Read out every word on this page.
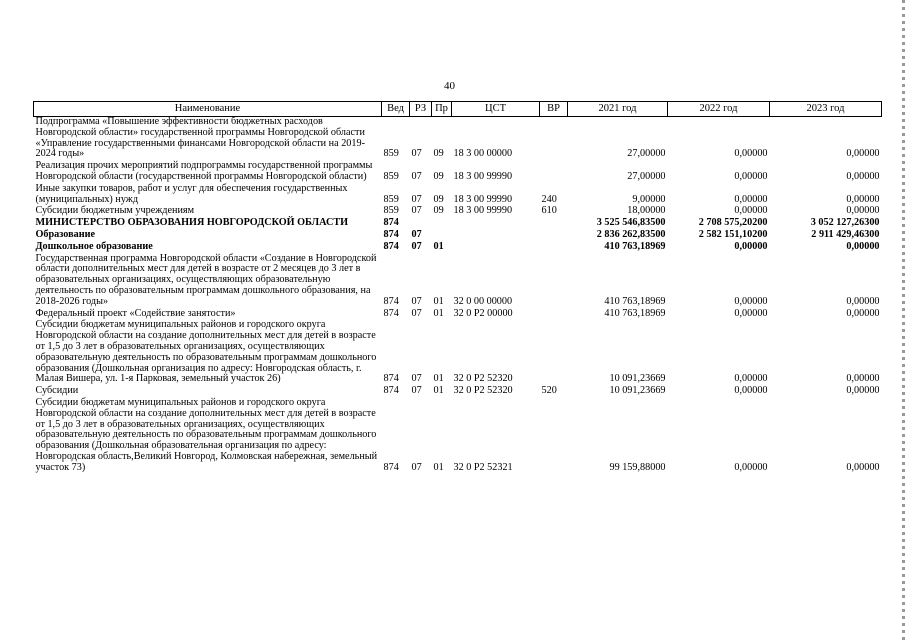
40
Наименование	Вед	РЗ	Пр	ЦСТ	ВР	2021 год	2022 год	2023 год
Подпрограмма «Повышение эффективности бюджетных расходов Новгородской области» государственной программы Новгородской области «Управление государственными финансами Новгородской области на 2019-2024 годы»	859	07	09	18 3 00 00000		27,00000	0,00000	0,00000
Реализация прочих мероприятий подпрограммы государственной программы Новгородской области (государственной программы Новгородской области)	859	07	09	18 3 00 99990		27,00000	0,00000	0,00000
Иные закупки товаров, работ и услуг для обеспечения государственных (муниципальных) нужд	859	07	09	18 3 00 99990	240	9,00000	0,00000	0,00000
Субсидии бюджетным учреждениям	859	07	09	18 3 00 99990	610	18,00000	0,00000	0,00000
МИНИСТЕРСТВО ОБРАЗОВАНИЯ НОВГОРОДСКОЙ ОБЛАСТИ	874					3 525 546,83500	2 708 575,20200	3 052 127,26300
Образование	874	07				2 836 262,83500	2 582 151,10200	2 911 429,46300
Дошкольное образование	874	07	01			410 763,18969	0,00000	0,00000
Государственная программа Новгородской области «Создание в Новгородской области дополнительных мест для детей в возрасте от 2 месяцев до 3 лет в образовательных организациях, осуществляющих образовательную деятельность по образовательным программам дошкольного образования, на 2018-2026 годы»	874	07	01	32 0 00 00000		410 763,18969	0,00000	0,00000
Федеральный проект «Содействие занятости»	874	07	01	32 0 P2 00000		410 763,18969	0,00000	0,00000
Субсидии бюджетам муниципальных районов и городского округа Новгородской области на создание дополнительных мест для детей в возрасте от 1,5 до 3 лет в образовательных организациях, осуществляющих образовательную деятельность по образовательным программам дошкольного образования (Дошкольная организация по адресу: Новгородская область, г. Малая Вишера, ул. 1-я Парковая, земельный участок 26)	874	07	01	32 0 P2 52320		10 091,23669	0,00000	0,00000
Субсидии	874	07	01	32 0 P2 52320	520	10 091,23669	0,00000	0,00000
Субсидии бюджетам муниципальных районов и городского округа Новгородской области на создание дополнительных мест для детей в возрасте от 1,5 до 3 лет в образовательных организациях, осуществляющих образовательную деятельность по образовательным программам дошкольного образования (Дошкольная образовательная организация по адресу: Новгородская область,Великий Новгород, Колмовская набережная, земельный участок 73)	874	07	01	32 0 P2 52321		99 159,88000	0,00000	0,00000
